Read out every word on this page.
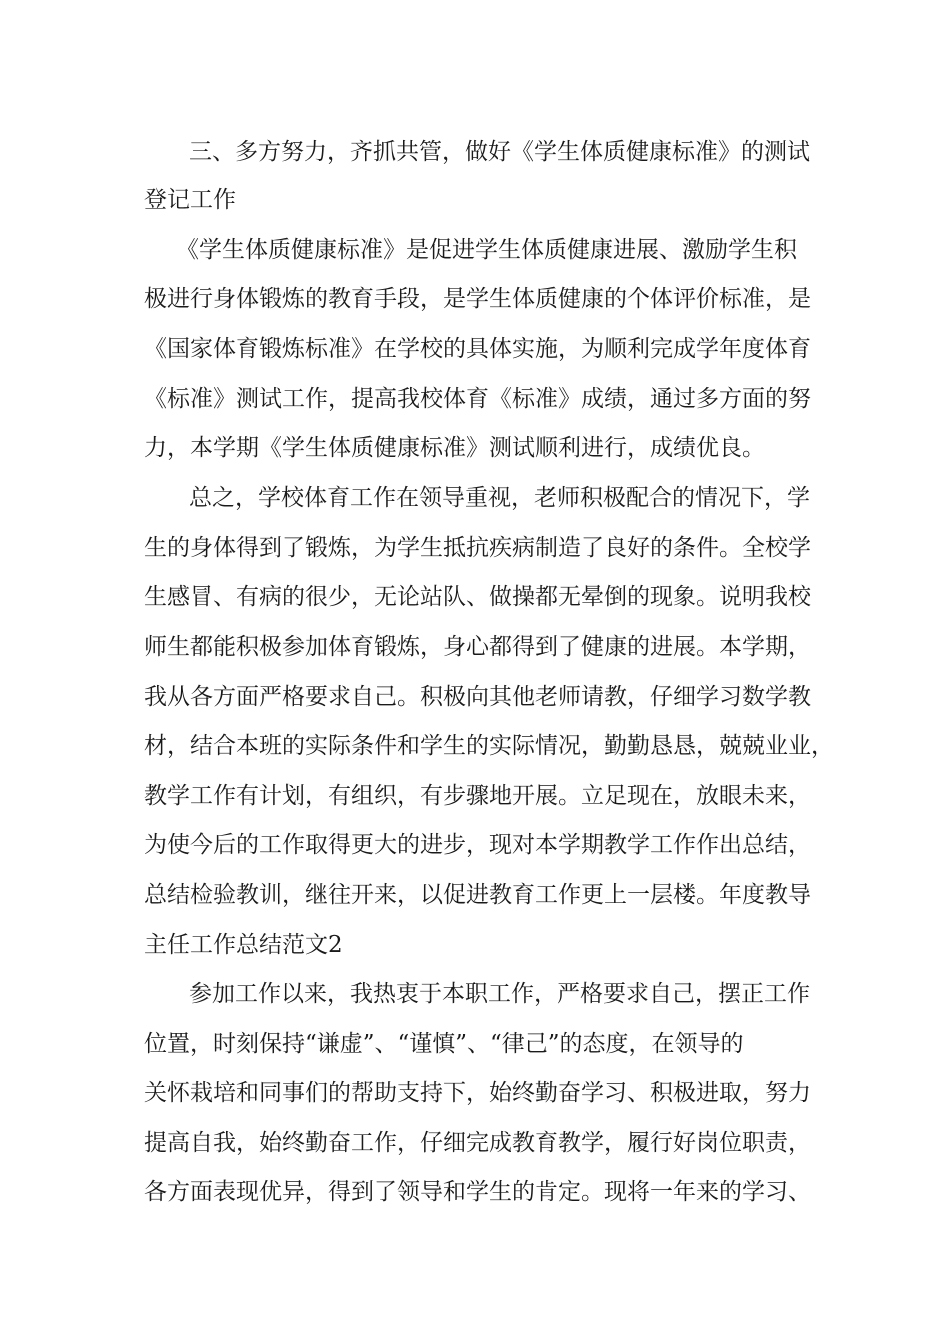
三、多方努力，齐抓共管，做好《学生体质健康标准》的测试
登记工作
《学生体质健康标准》是促进学生体质健康进展、激励学生积
极进行身体锻炼的教育手段，是学生体质健康的个体评价标准，是
《国家体育锻炼标准》在学校的具体实施，为顺利完成学年度体育
《标准》测试工作，提高我校体育《标准》成绩，通过多方面的努
力，本学期《学生体质健康标准》测试顺利进行，成绩优良。
总之，学校体育工作在领导重视，老师积极配合的情况下，学
生的身体得到了锻炼，为学生抵抗疾病制造了良好的条件。全校学
生感冒、有病的很少，无论站队、做操都无晕倒的现象。说明我校
师生都能积极参加体育锻炼，身心都得到了健康的进展。本学期，
我从各方面严格要求自己。积极向其他老师请教，仔细学习数学教
材，结合本班的实际条件和学生的实际情况，勤勤恳恳，兢兢业业，
教学工作有计划，有组织，有步骤地开展。立足现在，放眼未来，
为使今后的工作取得更大的进步，现对本学期教学工作作出总结，
总结检验教训，继往开来，以促进教育工作更上一层楼。年度教导
主任工作总结范文2
参加工作以来，我热衷于本职工作，严格要求自己，摆正工作
位置，时刻保持“谦虚”、“谨慎”、“律己”的态度，在领导的
关怀栽培和同事们的帮助支持下，始终勤奋学习、积极进取，努力
提高自我，始终勤奋工作，仔细完成教育教学，履行好岗位职责，
各方面表现优异，得到了领导和学生的肯定。现将一年来的学习、
